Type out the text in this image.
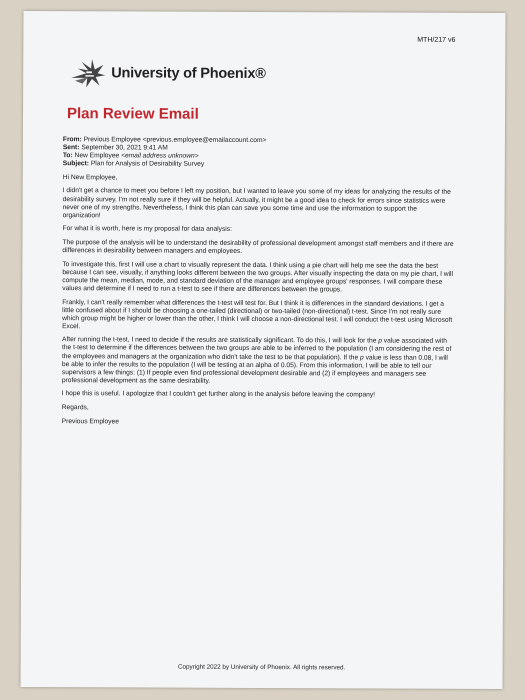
MTH/217 v6
University of Phoenix®
Plan Review Email

From: Previous Employee <previous.employee@emailaccount.com>

Sent: September 30, 2021 9:41 AM

To: New Employee <email address unknown>

Subject: Plan for Analysis of Desirability Survey

Hi New Employee,

I didn't get a chance to meet you before I left my position, but I wanted to leave you some of my ideas for analyzing the results of the desirability survey. I'm not really sure if they will be helpful. Actually, it might be a good idea to check for errors since statistics were never one of my strengths. Nevertheless, I think this plan can save you some time and use the information to support the organization!

For what it is worth, here is my proposal for data analysis:

The purpose of the analysis will be to understand the desirability of professional development amongst staff members and if there are differences in desirability between managers and employees.

To investigate this, first I will use a chart to visually represent the data. I think using a pie chart will help me see the data the best because I can see, visually, if anything looks different between the two groups. After visually inspecting the data on my pie chart, I will compute the mean, median, mode, and standard deviation of the manager and employee groups' responses. I will compare these values and determine if I need to run a t-test to see if there are differences between the groups.

Frankly, I can't really remember what differences the t-test will test for. But I think it is differences in the standard deviations. I get a little confused about if I should be choosing a one-tailed (directional) or two-tailed (non-directional) t-test. Since I'm not really sure which group might be higher or lower than the other, I think I will choose a non-directional test. I will conduct the t-test using Microsoft Excel.

After running the t-test, I need to decide if the results are statistically significant. To do this, I will look for the p value associated with the t-test to determine if the differences between the two groups are able to be inferred to the population (I am considering the rest of the employees and managers at the organization who didn't take the test to be that population). If the p value is less than 0.08, I will be able to infer the results to the population (I will be testing at an alpha of 0.05). From this information, I will be able to tell our supervisors a few things: (1) If people even find professional development desirable and (2) if employees and managers see professional development as the same desirability.

I hope this is useful. I apologize that I couldn't get further along in the analysis before leaving the company!

Regards,

Previous Employee

Copyright 2022 by University of Phoenix. All rights reserved.
